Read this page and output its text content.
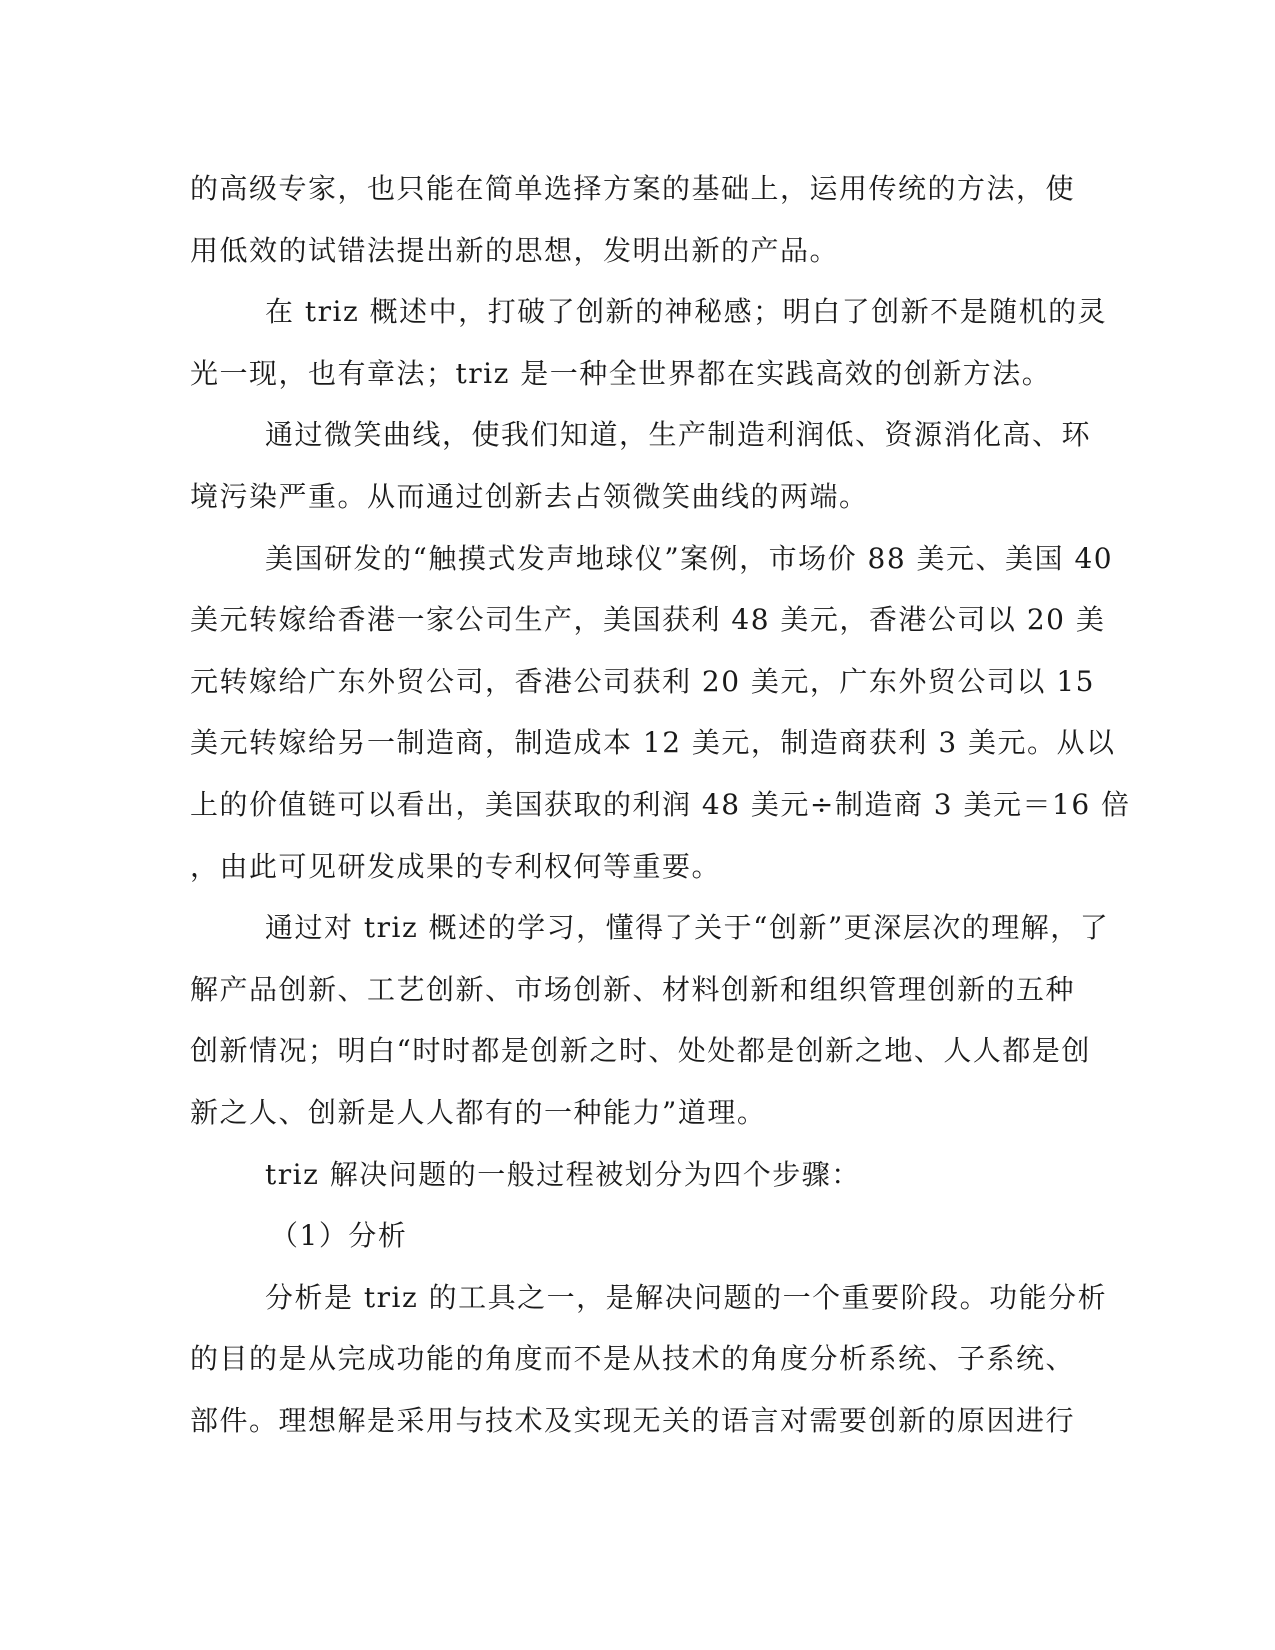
的高级专家，也只能在简单选择方案的基础上，运用传统的方法，使

用低效的试错法提出新的思想，发明出新的产品。

在 triz 概述中，打破了创新的神秘感；明白了创新不是随机的灵

光一现，也有章法；triz 是一种全世界都在实践高效的创新方法。

通过微笑曲线，使我们知道，生产制造利润低、资源消化高、环

境污染严重。从而通过创新去占领微笑曲线的两端。

美国研发的“触摸式发声地球仪”案例，市场价 88 美元、美国 40

美元转嫁给香港一家公司生产，美国获利 48 美元，香港公司以 20 美

元转嫁给广东外贸公司，香港公司获利 20 美元，广东外贸公司以 15

美元转嫁给另一制造商，制造成本 12 美元，制造商获利 3 美元。从以

上的价值链可以看出，美国获取的利润 48 美元÷制造商 3 美元＝16 倍

，由此可见研发成果的专利权何等重要。

通过对 triz 概述的学习，懂得了关于“创新”更深层次的理解，了

解产品创新、工艺创新、市场创新、材料创新和组织管理创新的五种

创新情况；明白“时时都是创新之时、处处都是创新之地、人人都是创

新之人、创新是人人都有的一种能力”道理。

triz 解决问题的一般过程被划分为四个步骤：

（1）分析

分析是 triz 的工具之一，是解决问题的一个重要阶段。功能分析

的目的是从完成功能的角度而不是从技术的角度分析系统、子系统、

部件。理想解是采用与技术及实现无关的语言对需要创新的原因进行
